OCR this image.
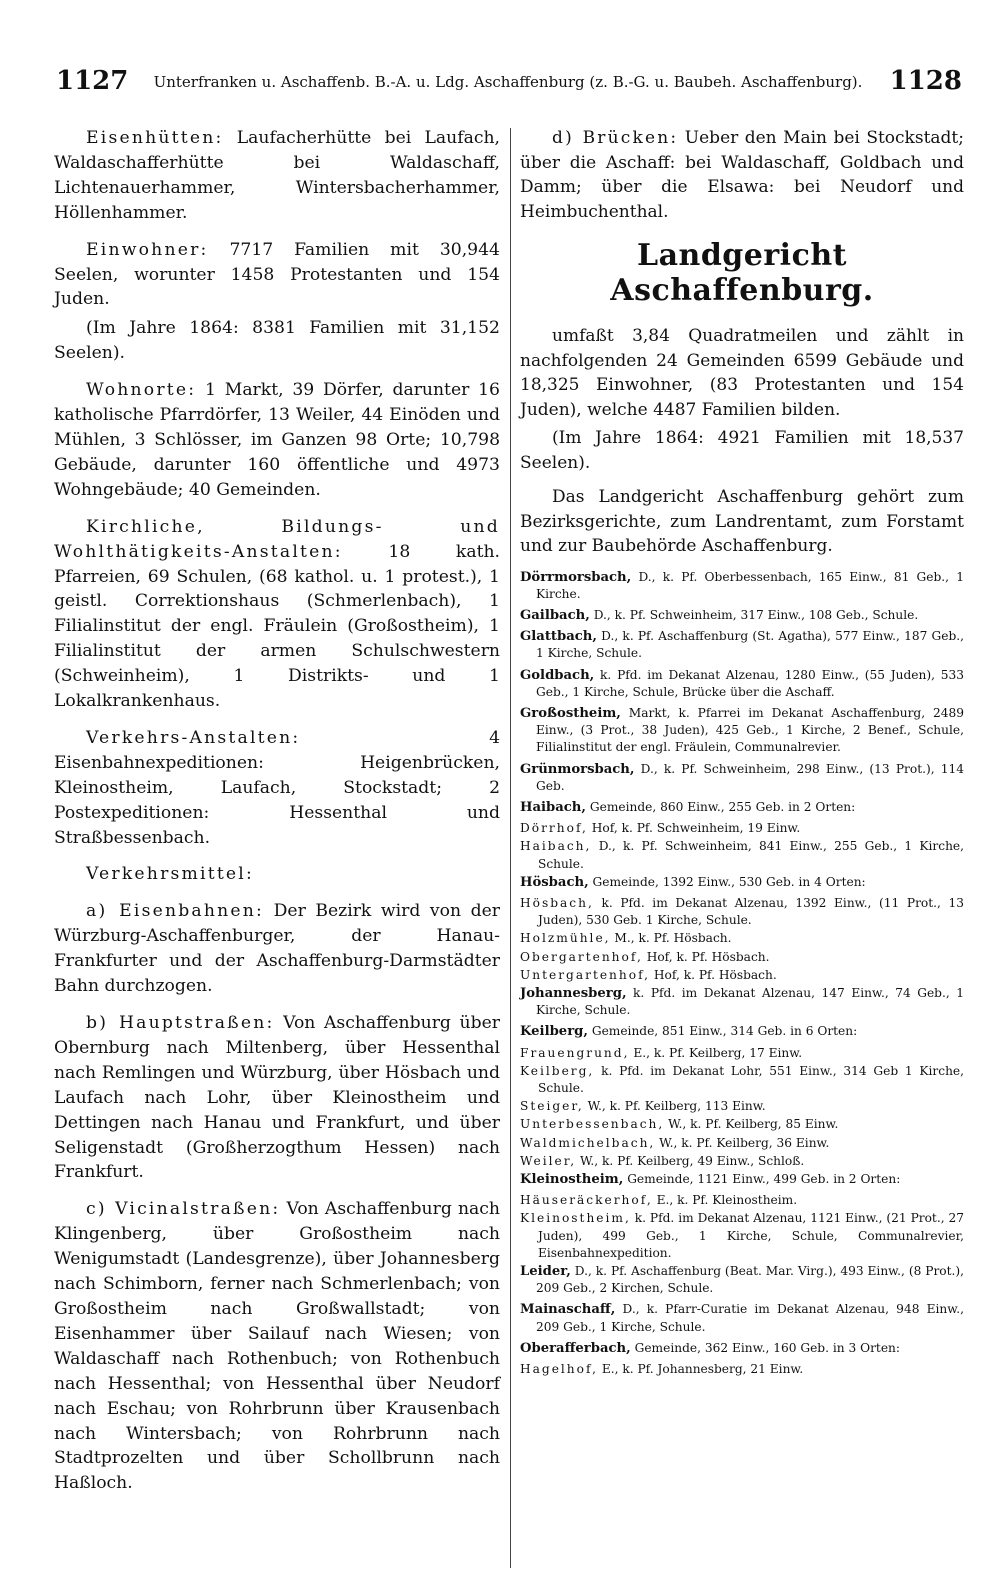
1127	Unterfranken u. Aschaffenb. B.-A. u. Ldg. Aschaffenburg (z. B.-G. u. Baubeh. Aschaffenburg).	1128

Eisenhütten: Laufacherhütte bei Laufach, Waldaschafferhütte bei Waldaschaff, Lichtenauerhammer, Wintersbacherhammer, Höllenhammer.

Einwohner: 7717 Familien mit 30,944 Seelen, worunter 1458 Protestanten und 154 Juden.

(Im Jahre 1864: 8381 Familien mit 31,152 Seelen).

Wohnorte: 1 Markt, 39 Dörfer, darunter 16 katholische Pfarrdörfer, 13 Weiler, 44 Einöden und Mühlen, 3 Schlösser, im Ganzen 98 Orte; 10,798 Gebäude, darunter 160 öffentliche und 4973 Wohngebäude; 40 Gemeinden.

Kirchliche, Bildungs- und Wohlthätigkeits-Anstalten:	18 kath. Pfarreien, 69 Schulen, (68 kathol. u. 1 protest.), 1 geistl. Correktionshaus (Schmerlenbach), 1 Filialinstitut der engl. Fräulein (Großostheim), 1 Filialinstitut der armen Schulschwestern (Schweinheim), 1 Distrikts- und 1 Lokalkrankenhaus.

Verkehrs-Anstalten:	4 Eisenbahnexpeditionen: Heigenbrücken, Kleinostheim, Laufach, Stockstadt; 2 Postexpeditionen: Hessenthal und Straßbessenbach.

Verkehrsmittel:

a) Eisenbahnen: Der Bezirk wird von der Würzburg-Aschaffenburger, der Hanau-Frankfurter und der Aschaffenburg-Darmstädter Bahn durchzogen.

b) Hauptstraßen: Von Aschaffenburg über Obernburg nach Miltenberg, über Hessenthal nach Remlingen und Würzburg, über Hösbach und Laufach nach Lohr, über Kleinostheim und Dettingen nach Hanau und Frankfurt, und über Seligenstadt (Großherzogthum Hessen) nach Frankfurt.

c) Vicinalstraßen: Von Aschaffenburg nach Klingenberg, über Großostheim nach Wenigumstadt (Landesgrenze), über Johannesberg nach Schimborn, ferner nach Schmerlenbach; von Großostheim nach Großwallstadt; von Eisenhammer über Sailauf nach Wiesen; von Waldaschaff nach Rothenbuch; von Rothenbuch nach Hessenthal; von Hessenthal über Neudorf nach Eschau; von Rohrbrunn über Krausenbach nach Wintersbach; von Rohrbrunn nach Stadtprozelten und über Schollbrunn nach Haßloch.

d) Brücken: Ueber den Main bei Stockstadt; über die Aschaff: bei Waldaschaff, Goldbach und Damm; über die Elsawa: bei Neudorf und Heimbuchenthal.

Landgericht Aschaffenburg.

umfaßt 3,84 Quadratmeilen und zählt in nachfolgenden 24 Gemeinden 6599 Gebäude und 18,325 Einwohner, (83 Protestanten und 154 Juden), welche 4487 Familien bilden.

(Im Jahre 1864: 4921 Familien mit 18,537 Seelen).

Das Landgericht Aschaffenburg gehört zum Bezirksgerichte, zum Landrentamt, zum Forstamt und zur Baubehörde Aschaffenburg.

Dörrmorsbach, D., k. Pf. Oberbessenbach, 165 Einw., 81 Geb., 1 Kirche.

Gailbach, D., k. Pf. Schweinheim, 317 Einw., 108 Geb., Schule.

Glattbach, D., k. Pf. Aschaffenburg (St. Agatha), 577 Einw., 187 Geb., 1 Kirche, Schule.

Goldbach, k. Pfd. im Dekanat Alzenau, 1280 Einw., (55 Juden), 533 Geb., 1 Kirche, Schule, Brücke über die Aschaff.

Großostheim, Markt, k. Pfarrei im Dekanat Aschaffenburg, 2489 Einw., (3 Prot., 38 Juden), 425 Geb., 1 Kirche, 2 Benef., Schule, Filialinstitut der engl. Fräulein, Communalrevier.

Grünmorsbach, D., k. Pf. Schweinheim, 298 Einw., (13 Prot.), 114 Geb.

Haibach, Gemeinde, 860 Einw., 255 Geb. in 2 Orten:

Dörrhof, Hof, k. Pf. Schweinheim, 19 Einw.

Haibach, D., k. Pf. Schweinheim, 841 Einw., 255 Geb., 1 Kirche, Schule.

Hösbach, Gemeinde, 1392 Einw., 530 Geb. in 4 Orten:

Hösbach, k. Pfd. im Dekanat Alzenau, 1392 Einw., (11 Prot., 13 Juden), 530 Geb. 1 Kirche, Schule.

Holzmühle, M., k. Pf. Hösbach.

Obergartenhof, Hof, k. Pf. Hösbach.

Untergartenhof, Hof, k. Pf. Hösbach.

Johannesberg, k. Pfd. im Dekanat Alzenau, 147 Einw., 74 Geb., 1 Kirche, Schule.

Keilberg, Gemeinde, 851 Einw., 314 Geb. in 6 Orten:

Frauengrund, E., k. Pf. Keilberg, 17 Einw.

Keilberg, k. Pfd. im Dekanat Lohr, 551 Einw., 314 Geb 1 Kirche, Schule.

Steiger, W., k. Pf. Keilberg, 113 Einw.

Unterbessenbach, W., k. Pf. Keilberg, 85 Einw.

Waldmichelbach, W., k. Pf. Keilberg, 36 Einw.

Weiler, W., k. Pf. Keilberg, 49 Einw., Schloß.

Kleinostheim, Gemeinde, 1121 Einw., 499 Geb. in 2 Orten:

Häuseräckerhof, E., k. Pf. Kleinostheim.

Kleinostheim, k. Pfd. im Dekanat Alzenau, 1121 Einw., (21 Prot., 27 Juden), 499 Geb., 1 Kirche, Schule, Communalrevier, Eisenbahnexpedition.

Leider, D., k. Pf. Aschaffenburg (Beat. Mar. Virg.), 493 Einw., (8 Prot.), 209 Geb., 2 Kirchen, Schule.

Mainaschaff, D., k. Pfarr-Curatie im Dekanat Alzenau, 948 Einw., 209 Geb., 1 Kirche, Schule.

Oberafferbach, Gemeinde, 362 Einw., 160 Geb. in 3 Orten:

Hagelhof, E., k. Pf. Johannesberg, 21 Einw.
